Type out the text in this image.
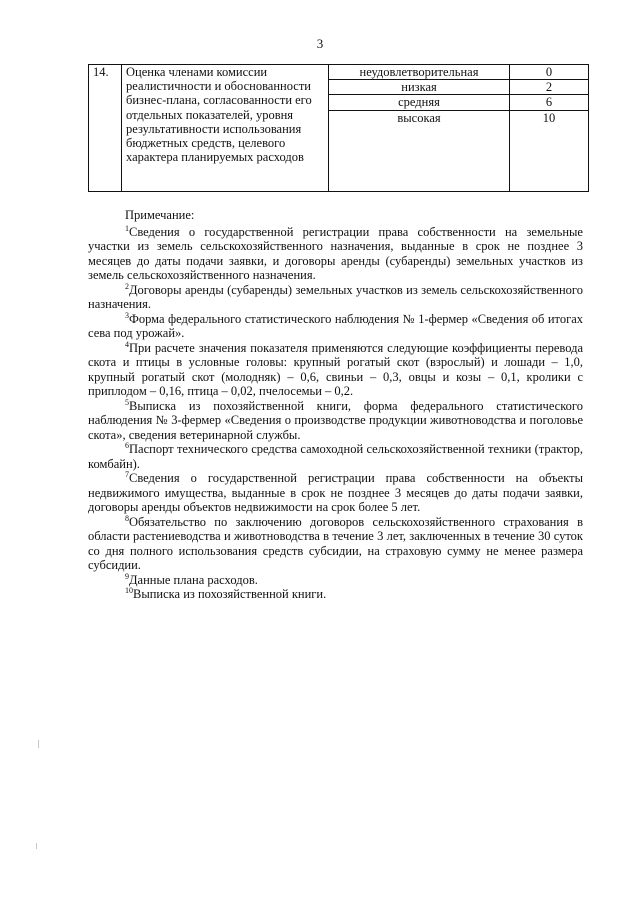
3
14.	Оценка членами комиссии реалистичности и обоснованности бизнес-плана, согласованности его отдельных показателей, уровня результативности использования бюджетных средств, целевого характера планируемых расходов	неудовлетворительная	0
		низкая	2
		средняя	6
		высокая	10

Примечание:

$^1$Сведения о государственной регистрации права собственности на земельные участки из земель сельскохозяйственного назначения, выданные в срок не позднее 3 месяцев до даты подачи заявки, и договоры аренды (субаренды) земельных участков из земель сельскохозяйственного назначения.

$^2$Договоры аренды (субаренды) земельных участков из земель сельскохозяйственного назначения.

$^3$Форма федерального статистического наблюдения № 1-фермер «Сведения об итогах сева под урожай».

$^4$При расчете значения показателя применяются следующие коэффициенты перевода скота и птицы в условные головы: крупный рогатый скот (взрослый) и лошади – 1,0, крупный рогатый скот (молодняк) – 0,6, свиньи – 0,3, овцы и козы – 0,1, кролики с приплодом – 0,16, птица – 0,02, пчелосемьи – 0,2.

$^5$Выписка из похозяйственной книги, форма федерального статистического наблюдения № 3-фермер «Сведения о производстве продукции животноводства и поголовье скота», сведения ветеринарной службы.

$^6$Паспорт технического средства самоходной сельскохозяйственной техники (трактор, комбайн).

$^7$Сведения о государственной регистрации права собственности на объекты недвижимого имущества, выданные в срок не позднее 3 месяцев до даты подачи заявки, договоры аренды объектов недвижимости на срок более 5 лет.

$^8$Обязательство по заключению договоров сельскохозяйственного страхования в области растениеводства и животноводства в течение 3 лет, заключенных в течение 30 суток со дня полного использования средств субсидии, на страховую сумму не менее размера субсидии.

$^9$Данные плана расходов.

$^{10}$Выписка из похозяйственной книги.
